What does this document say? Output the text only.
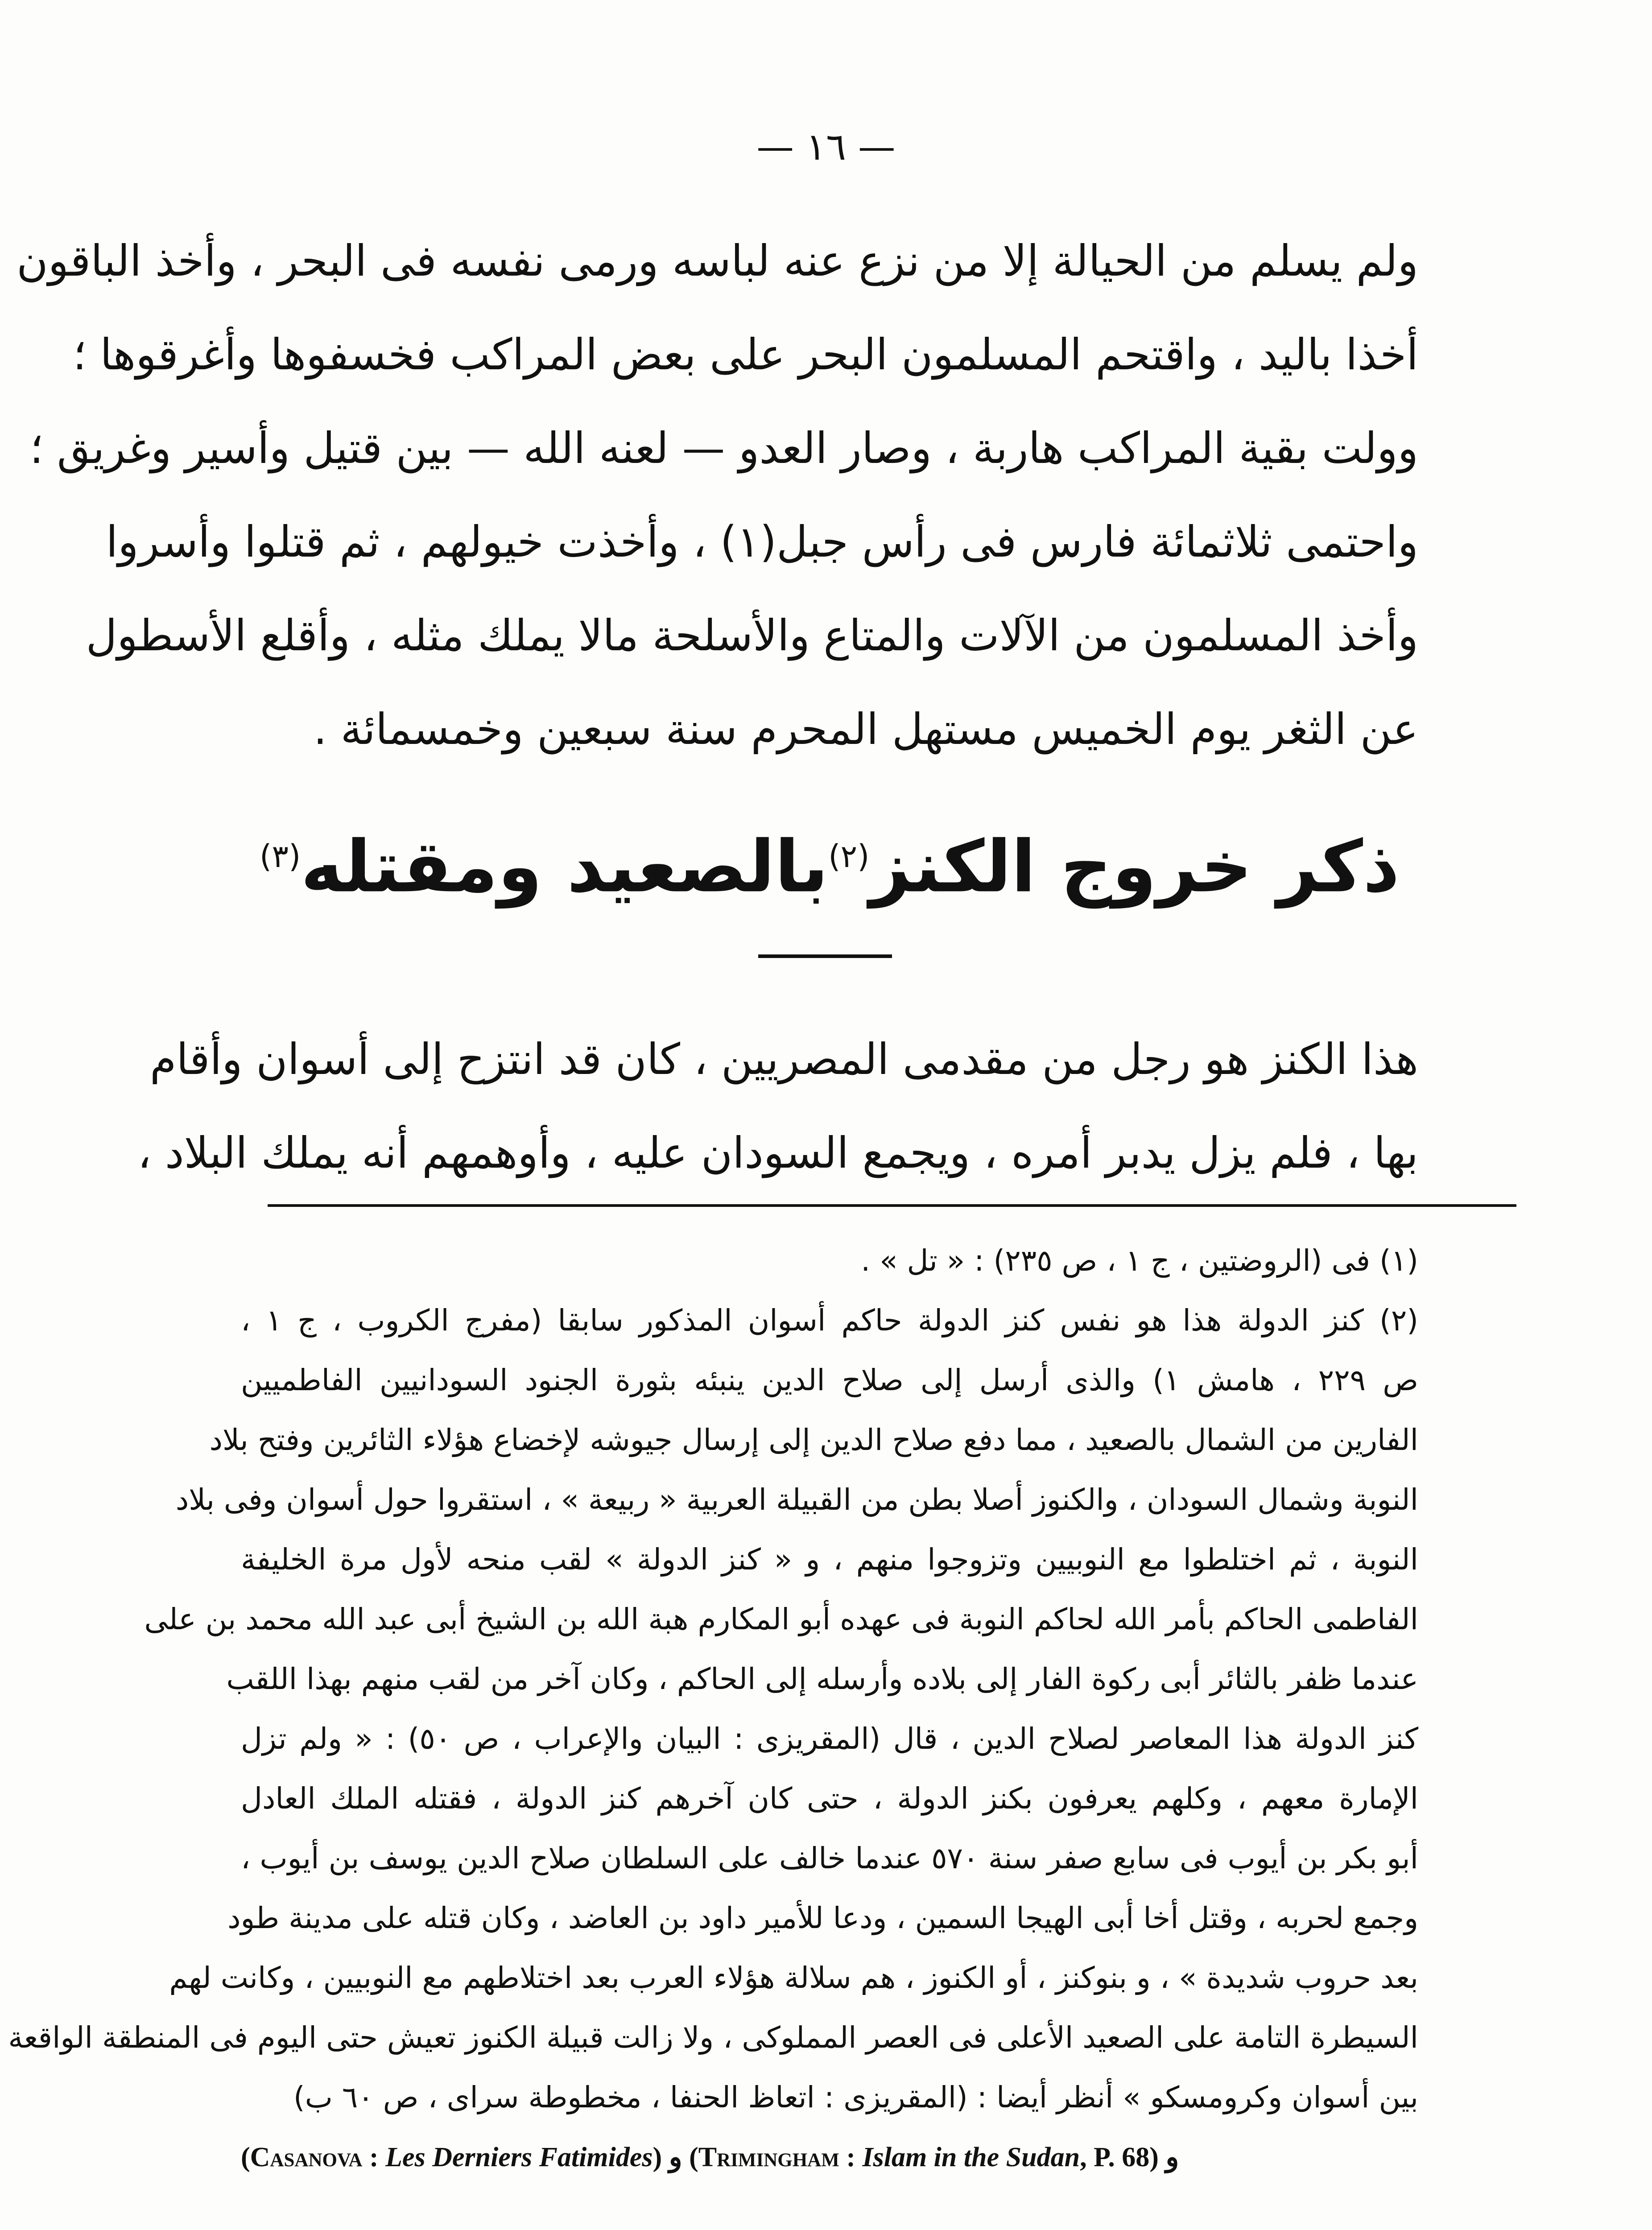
— ١٦ —
ولم يسلم من الحيالة إلا من نزع عنه لباسه ورمى نفسه فى البحر ، وأخذ الباقون
أخذا باليد ، واقتحم المسلمون البحر على بعض المراكب فخسفوها وأغرقوها ؛
وولت بقية المراكب هاربة ، وصار العدو — لعنه الله — بين قتيل وأسير وغريق ؛
واحتمى ثلاثمائة فارس فى رأس جبل(١) ، وأخذت خيولهم ، ثم قتلوا وأسروا
وأخذ المسلمون من الآلات والمتاع والأسلحة مالا يملك مثله ، وأقلع الأسطول
عن الثغر يوم الخميس مستهل المحرم سنة سبعين وخمسمائة .
ذكر خروج الكنز$^{(٢)}$بالصعيد ومقتله$^{(٣)}$
هذا الكنز هو رجل من مقدمى المصريين ، كان قد انتزح إلى أسوان وأقام
بها ، فلم يزل يدبر أمره ، ويجمع السودان عليه ، وأوهمهم أنه يملك البلاد ،
(١) فى (الروضتين ، ج ١ ، ص ٢٣٥) : « تل » .
(٢) كنز الدولة هذا هو نفس كنز الدولة حاكم أسوان المذكور سابقا (مفرج الكروب ، ج ١ ،
ص ٢٢٩ ، هامش ١) والذى أرسل إلى صلاح الدين ينبئه بثورة الجنود السودانيين الفاطميين
الفارين من الشمال بالصعيد ، مما دفع صلاح الدين إلى إرسال جيوشه لإخضاع هؤلاء الثائرين وفتح بلاد
النوبة وشمال السودان ، والكنوز أصلا بطن من القبيلة العربية « ربيعة » ، استقروا حول أسوان وفى بلاد
النوبة ، ثم اختلطوا مع النوبيين وتزوجوا منهم ، و « كنز الدولة » لقب منحه لأول مرة الخليفة
الفاطمى الحاكم بأمر الله لحاكم النوبة فى عهده أبو المكارم هبة الله بن الشيخ أبى عبد الله محمد بن على
عندما ظفر بالثائر أبى ركوة الفار إلى بلاده وأرسله إلى الحاكم ، وكان آخر من لقب منهم بهذا اللقب
كنز الدولة هذا المعاصر لصلاح الدين ، قال (المقريزى : البيان والإعراب ، ص ٥٠) : « ولم تزل
الإمارة معهم ، وكلهم يعرفون بكنز الدولة ، حتى كان آخرهم كنز الدولة ، فقتله الملك العادل
أبو بكر بن أيوب فى سابع صفر سنة ٥٧٠ عندما خالف على السلطان صلاح الدين يوسف بن أيوب ،
وجمع لحربه ، وقتل أخا أبى الهيجا السمين ، ودعا للأمير داود بن العاضد ، وكان قتله على مدينة طود
بعد حروب شديدة » ، و بنوكنز ، أو الكنوز ، هم سلالة هؤلاء العرب بعد اختلاطهم مع النوبيين ، وكانت لهم
السيطرة التامة على الصعيد الأعلى فى العصر المملوكى ، ولا زالت قبيلة الكنوز تعيش حتى اليوم فى المنطقة الواقعة
بين أسوان وكرومسكو » أنظر أيضا : (المقريزى : اتعاظ الحنفا ، مخطوطة سراى ، ص ٦٠ ب)
(Casanova : Les Derniers Fatimides) و (Trimingham : Islam in the Sudan, P. 68) و
